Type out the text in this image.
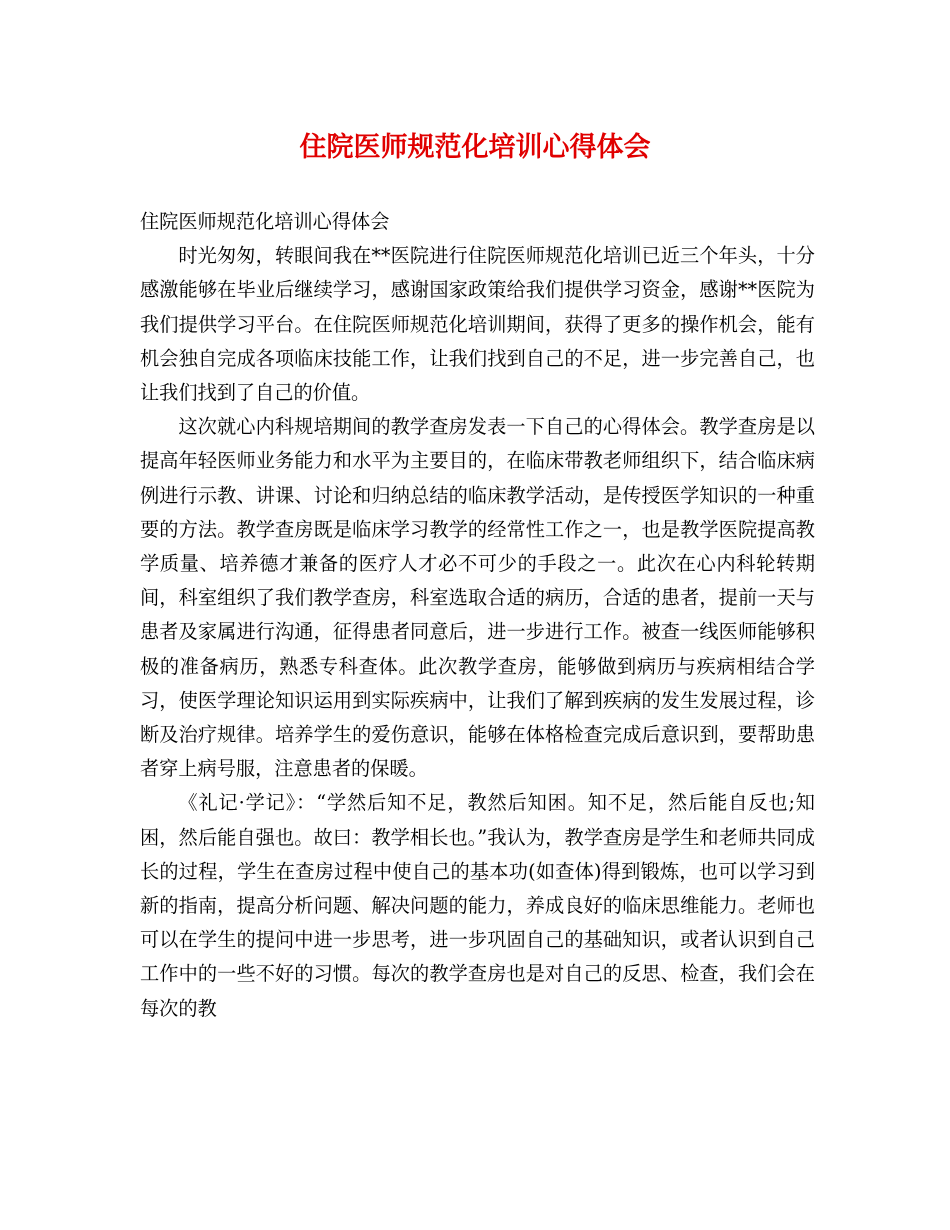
住院医师规范化培训心得体会

住院医师规范化培训心得体会

时光匆匆，转眼间我在**医院进行住院医师规范化培训已近三个年头，十分感激能够在毕业后继续学习，感谢国家政策给我们提供学习资金，感谢**医院为我们提供学习平台。在住院医师规范化培训期间，获得了更多的操作机会，能有机会独自完成各项临床技能工作，让我们找到自己的不足，进一步完善自己，也让我们找到了自己的价值。

这次就心内科规培期间的教学查房发表一下自己的心得体会。教学查房是以提高年轻医师业务能力和水平为主要目的，在临床带教老师组织下，结合临床病例进行示教、讲课、讨论和归纳总结的临床教学活动，是传授医学知识的一种重要的方法。教学查房既是临床学习教学的经常性工作之一，也是教学医院提高教学质量、培养德才兼备的医疗人才必不可少的手段之一。此次在心内科轮转期间，科室组织了我们教学查房，科室选取合适的病历，合适的患者，提前一天与患者及家属进行沟通，征得患者同意后，进一步进行工作。被查一线医师能够积极的准备病历，熟悉专科查体。此次教学查房，能够做到病历与疾病相结合学习，使医学理论知识运用到实际疾病中，让我们了解到疾病的发生发展过程，诊断及治疗规律。培养学生的爱伤意识，能够在体格检查完成后意识到，要帮助患者穿上病号服，注意患者的保暖。

《礼记·学记》：“学然后知不足，教然后知困。知不足，然后能自反也;知困，然后能自强也。故曰：教学相长也。”我认为，教学查房是学生和老师共同成长的过程，学生在查房过程中使自己的基本功(如查体)得到锻炼，也可以学习到新的指南，提高分析问题、解决问题的能力，养成良好的临床思维能力。老师也可以在学生的提问中进一步思考，进一步巩固自己的基础知识，或者认识到自己工作中的一些不好的习惯。每次的教学查房也是对自己的反思、检查，我们会在每次的教
